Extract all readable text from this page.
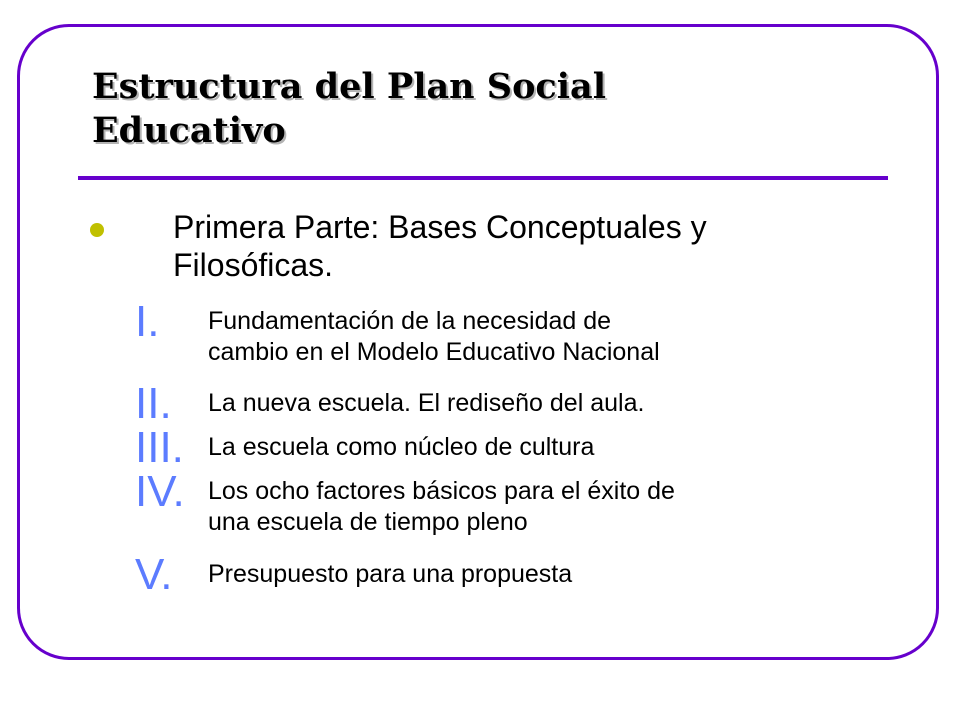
Estructura del Plan Social
Educativo

Primera Parte: Bases Conceptuales y
Filosóficas.

I. Fundamentación de la necesidad de
cambio en el Modelo Educativo Nacional
II. La nueva escuela. El rediseño del aula.
III. La escuela como núcleo de cultura
IV. Los ocho factores básicos para el éxito de
una escuela de tiempo pleno
V. Presupuesto para una propuesta
